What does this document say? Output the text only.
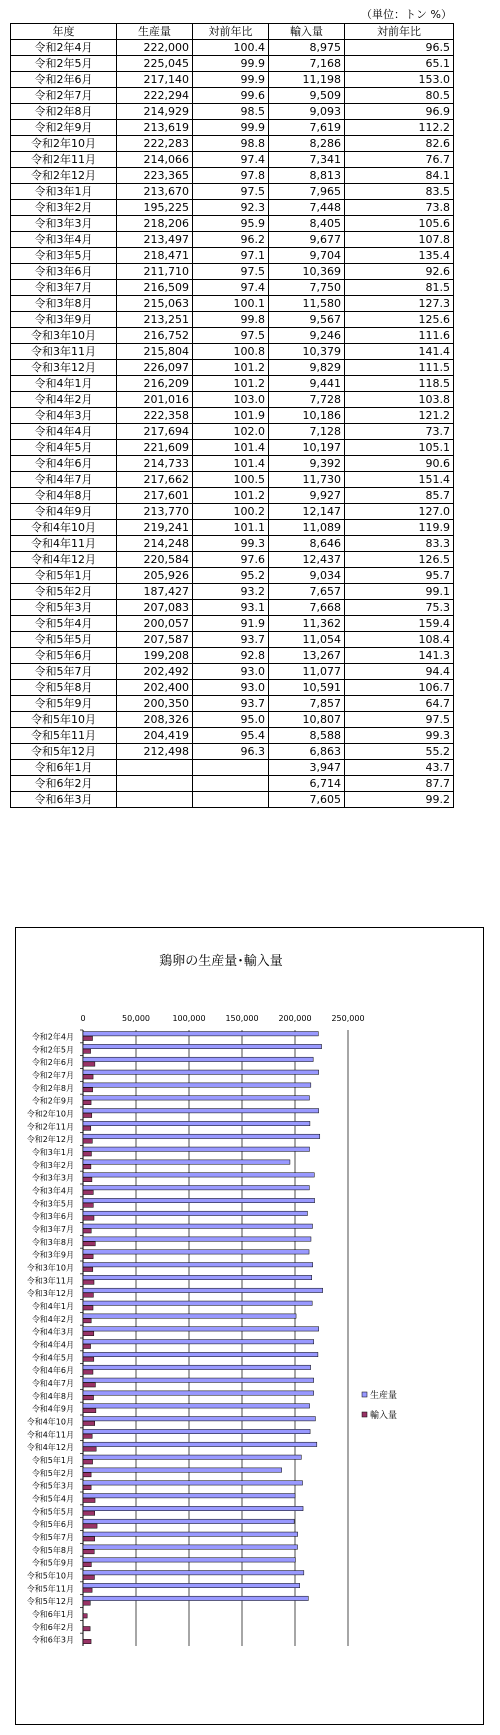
（単位：トン %）
年度	生産量	対前年比	輸入量	対前年比
令和2年4月	222,000	100.4	8,975	96.5
令和2年5月	225,045	99.9	7,168	65.1
令和2年6月	217,140	99.9	11,198	153.0
令和2年7月	222,294	99.6	9,509	80.5
令和2年8月	214,929	98.5	9,093	96.9
令和2年9月	213,619	99.9	7,619	112.2
令和2年10月	222,283	98.8	8,286	82.6
令和2年11月	214,066	97.4	7,341	76.7
令和2年12月	223,365	97.8	8,813	84.1
令和3年1月	213,670	97.5	7,965	83.5
令和3年2月	195,225	92.3	7,448	73.8
令和3年3月	218,206	95.9	8,405	105.6
令和3年4月	213,497	96.2	9,677	107.8
令和3年5月	218,471	97.1	9,704	135.4
令和3年6月	211,710	97.5	10,369	92.6
令和3年7月	216,509	97.4	7,750	81.5
令和3年8月	215,063	100.1	11,580	127.3
令和3年9月	213,251	99.8	9,567	125.6
令和3年10月	216,752	97.5	9,246	111.6
令和3年11月	215,804	100.8	10,379	141.4
令和3年12月	226,097	101.2	9,829	111.5
令和4年1月	216,209	101.2	9,441	118.5
令和4年2月	201,016	103.0	7,728	103.8
令和4年3月	222,358	101.9	10,186	121.2
令和4年4月	217,694	102.0	7,128	73.7
令和4年5月	221,609	101.4	10,197	105.1
令和4年6月	214,733	101.4	9,392	90.6
令和4年7月	217,662	100.5	11,730	151.4
令和4年8月	217,601	101.2	9,927	85.7
令和4年9月	213,770	100.2	12,147	127.0
令和4年10月	219,241	101.1	11,089	119.9
令和4年11月	214,248	99.3	8,646	83.3
令和4年12月	220,584	97.6	12,437	126.5
令和5年1月	205,926	95.2	9,034	95.7
令和5年2月	187,427	93.2	7,657	99.1
令和5年3月	207,083	93.1	7,668	75.3
令和5年4月	200,057	91.9	11,362	159.4
令和5年5月	207,587	93.7	11,054	108.4
令和5年6月	199,208	92.8	13,267	141.3
令和5年7月	202,492	93.0	11,077	94.4
令和5年8月	202,400	93.0	10,591	106.7
令和5年9月	200,350	93.7	7,857	64.7
令和5年10月	208,326	95.0	10,807	97.5
令和5年11月	204,419	95.4	8,588	99.3
令和5年12月	212,498	96.3	6,863	55.2
令和6年1月			3,947	43.7
令和6年2月			6,714	87.7
令和6年3月			7,605	99.2
鶏卵の生産量･輸入量
0	50,000	100,000 150,000 200,000 250,000
令和2年4月
令和2年5月
令和2年6月
令和2年7月
令和2年8月
令和2年9月
令和2年10月
令和2年11月
令和2年12月
令和3年1月
令和3年2月
令和3年3月
令和3年4月
令和3年5月
令和3年6月
令和3年7月
令和3年8月
令和3年9月
令和3年10月
令和3年11月
令和3年12月
令和4年1月
令和4年2月
令和4年3月
令和4年4月
令和4年5月
令和4年6月
令和4年7月
令和4年8月
令和4年9月
令和4年10月
令和4年11月
令和4年12月
令和5年1月
令和5年2月
令和5年3月
令和5年4月
令和5年5月
令和5年6月
令和5年7月
令和5年8月
令和5年9月
令和5年10月
令和5年11月
令和5年12月
令和6年1月
令和6年2月
令和6年3月
生産量
輸入量
